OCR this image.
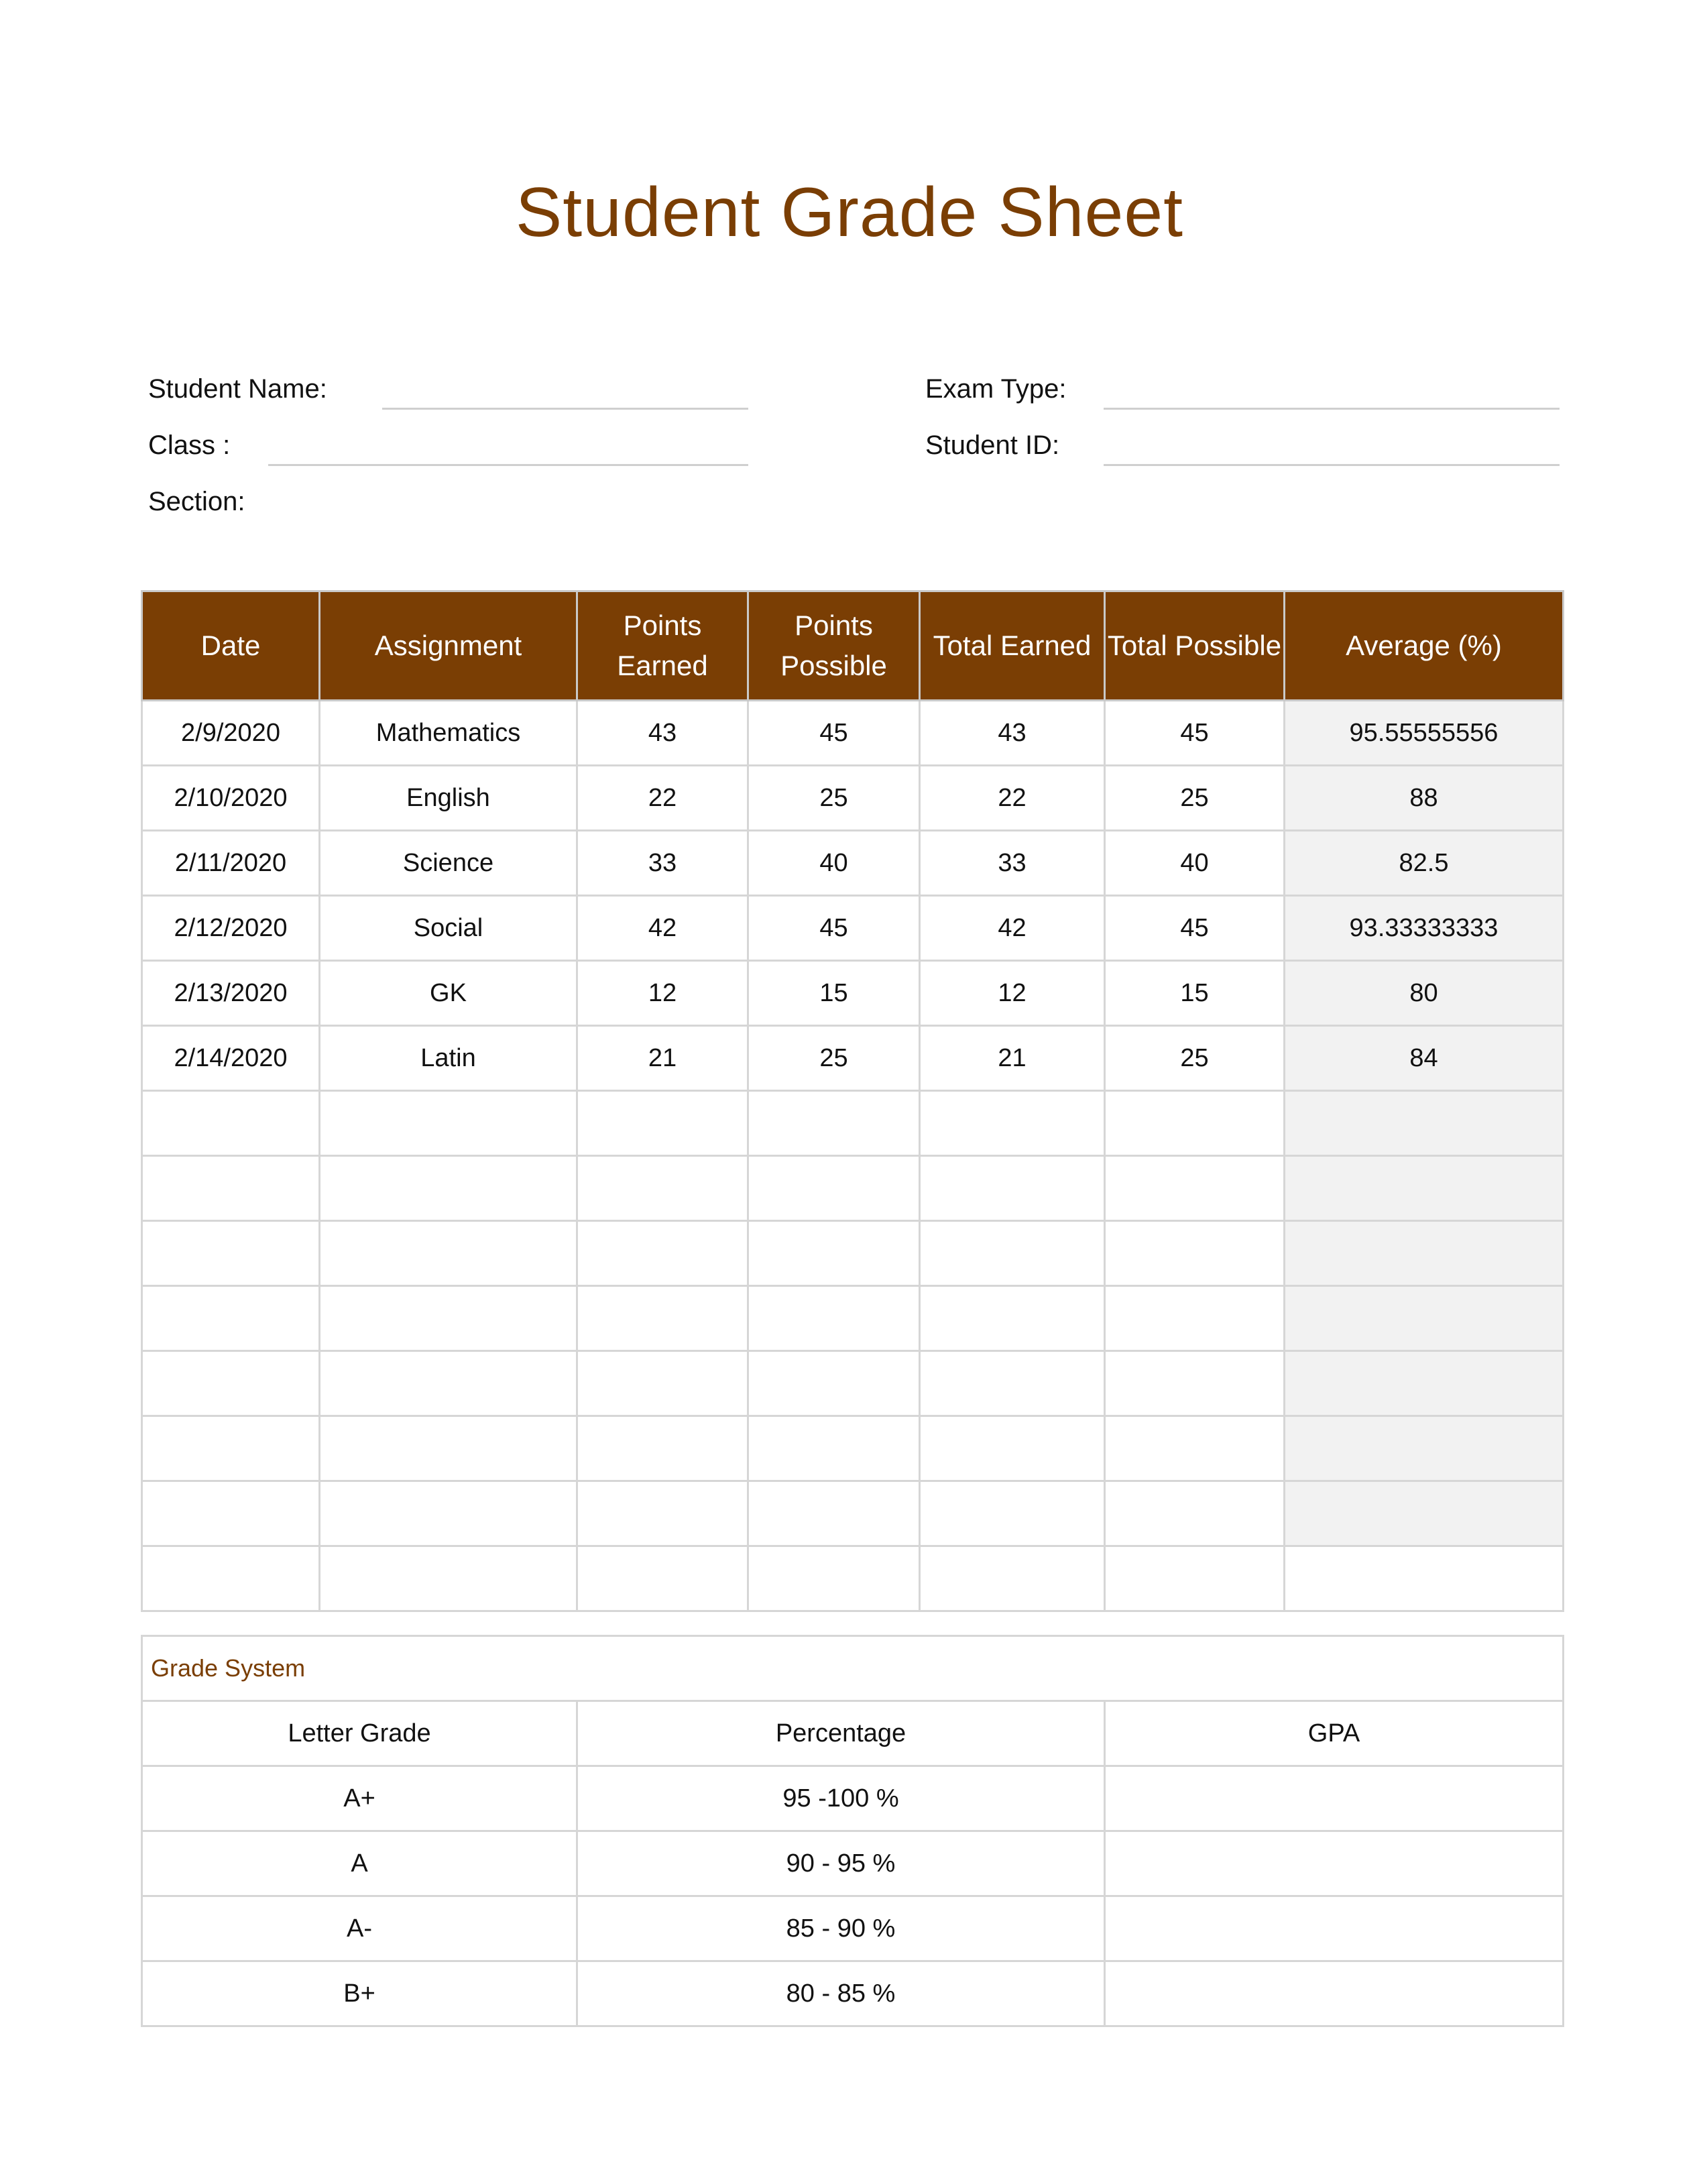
Student Grade Sheet
Student Name:	Exam Type:
Class :	Student ID:
Section:
Date	Assignment	Points Earned	Points Possible	Total Earned	Total Possible	Average (%)
2/9/2020	Mathematics	43	45	43	45	95.55555556
2/10/2020	English	22	25	22	25	88
2/11/2020	Science	33	40	33	40	82.5
2/12/2020	Social	42	45	42	45	93.33333333
2/13/2020	GK	12	15	12	15	80
2/14/2020	Latin	21	25	21	25	84

Grade System		
Letter Grade	Percentage	GPA
A+	95 -100 %	
A	90 - 95 %	
A-	85 - 90 %	
B+	80 - 85 %	
